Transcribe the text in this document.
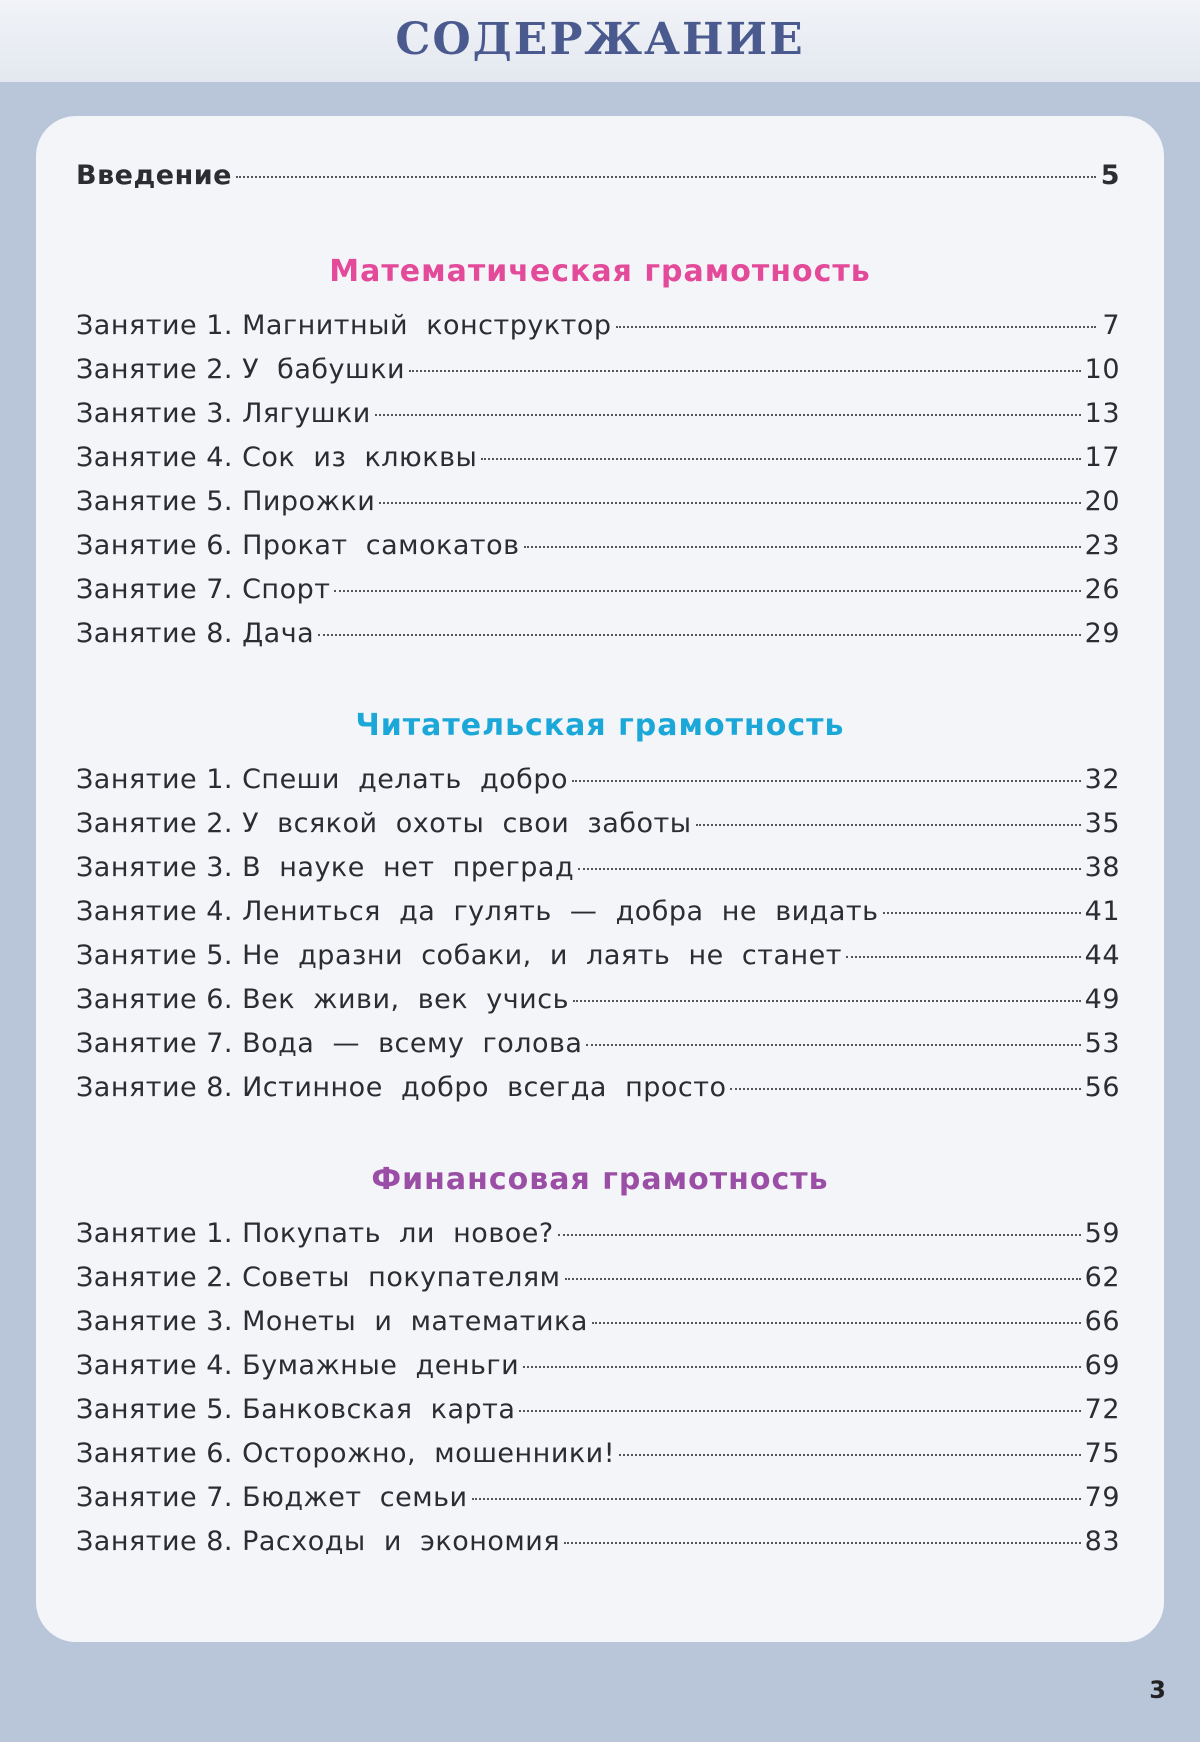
СОДЕРЖАНИЕ
Введение	5
Математическая грамотность
Занятие 1. Магнитный  конструктор	7
Занятие 2. У  бабушки	10
Занятие 3. Лягушки	13
Занятие 4. Сок  из  клюквы	17
Занятие 5. Пирожки	20
Занятие 6. Прокат  самокатов	23
Занятие 7. Спорт	26
Занятие 8. Дача	29
Читательская грамотность
Занятие 1. Спеши  делать  добро	32
Занятие 2. У  всякой  охоты  свои  заботы	35
Занятие 3. В  науке  нет  преград	38
Занятие 4. Лениться  да  гулять  —  добра  не  видать	41
Занятие 5. Не  дразни  собаки,  и  лаять  не  станет	44
Занятие 6. Век  живи,  век  учись	49
Занятие 7. Вода  —  всему  голова	53
Занятие 8. Истинное  добро  всегда  просто	56
Финансовая грамотность
Занятие 1. Покупать  ли  новое?	59
Занятие 2. Советы  покупателям	62
Занятие 3. Монеты  и  математика	66
Занятие 4. Бумажные  деньги	69
Занятие 5. Банковская  карта	72
Занятие 6. Осторожно,  мошенники!	75
Занятие 7. Бюджет  семьи	79
Занятие 8. Расходы  и  экономия	83
3
